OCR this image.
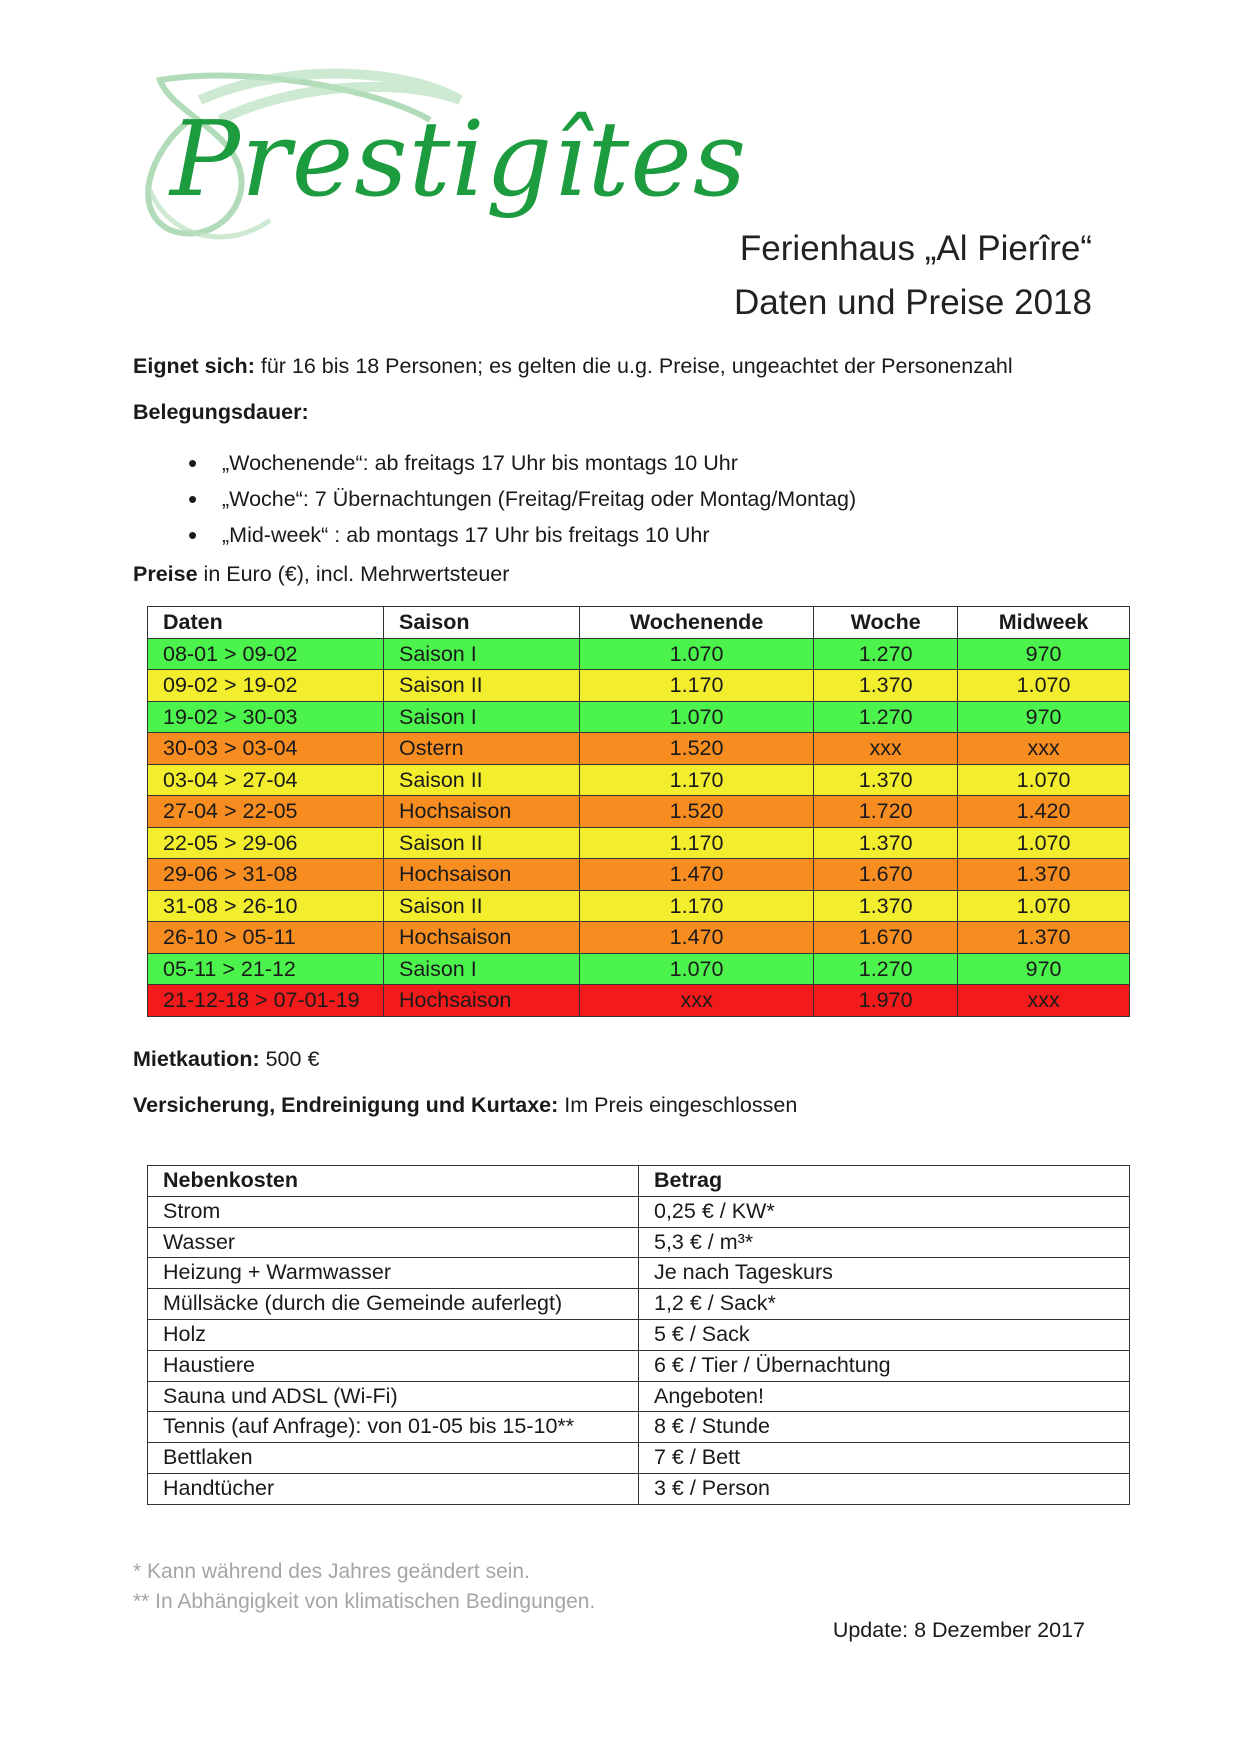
Prestigîtes
Ferienhaus „Al Pierîre“
Daten und Preise 2018
Eignet sich: für 16 bis 18 Personen; es gelten die u.g. Preise, ungeachtet der Personenzahl
Belegungsdauer:
• „Wochenende“: ab freitags 17 Uhr bis montags 10 Uhr
• „Woche“: 7 Übernachtungen (Freitag/Freitag oder Montag/Montag)
• „Mid-week“ : ab montags 17 Uhr bis freitags 10 Uhr
Preise in Euro (€), incl. Mehrwertsteuer
Daten	Saison	Wochenende	Woche	Midweek
08-01 > 09-02	Saison I	1.070	1.270	970
09-02 > 19-02	Saison II	1.170	1.370	1.070
19-02 > 30-03	Saison I	1.070	1.270	970
30-03 > 03-04	Ostern	1.520	xxx	xxx
03-04 > 27-04	Saison II	1.170	1.370	1.070
27-04 > 22-05	Hochsaison	1.520	1.720	1.420
22-05 > 29-06	Saison II	1.170	1.370	1.070
29-06 > 31-08	Hochsaison	1.470	1.670	1.370
31-08 > 26-10	Saison II	1.170	1.370	1.070
26-10 > 05-11	Hochsaison	1.470	1.670	1.370
05-11 > 21-12	Saison I	1.070	1.270	970
21-12-18 > 07-01-19	Hochsaison	xxx	1.970	xxx
Mietkaution: 500 €
Versicherung, Endreinigung und Kurtaxe: Im Preis eingeschlossen
Nebenkosten	Betrag
Strom	0,25 € / KW*
Wasser	5,3 € / m³*
Heizung + Warmwasser	Je nach Tageskurs
Müllsäcke (durch die Gemeinde auferlegt)	1,2 € / Sack*
Holz	5 € / Sack
Haustiere	6 € / Tier / Übernachtung
Sauna und ADSL (Wi-Fi)	Angeboten!
Tennis (auf Anfrage): von 01-05 bis 15-10**	8 € / Stunde
Bettlaken	7 € / Bett
Handtücher	3 € / Person
* Kann während des Jahres geändert sein.
** In Abhängigkeit von klimatischen Bedingungen.
Update: 8 Dezember 2017
